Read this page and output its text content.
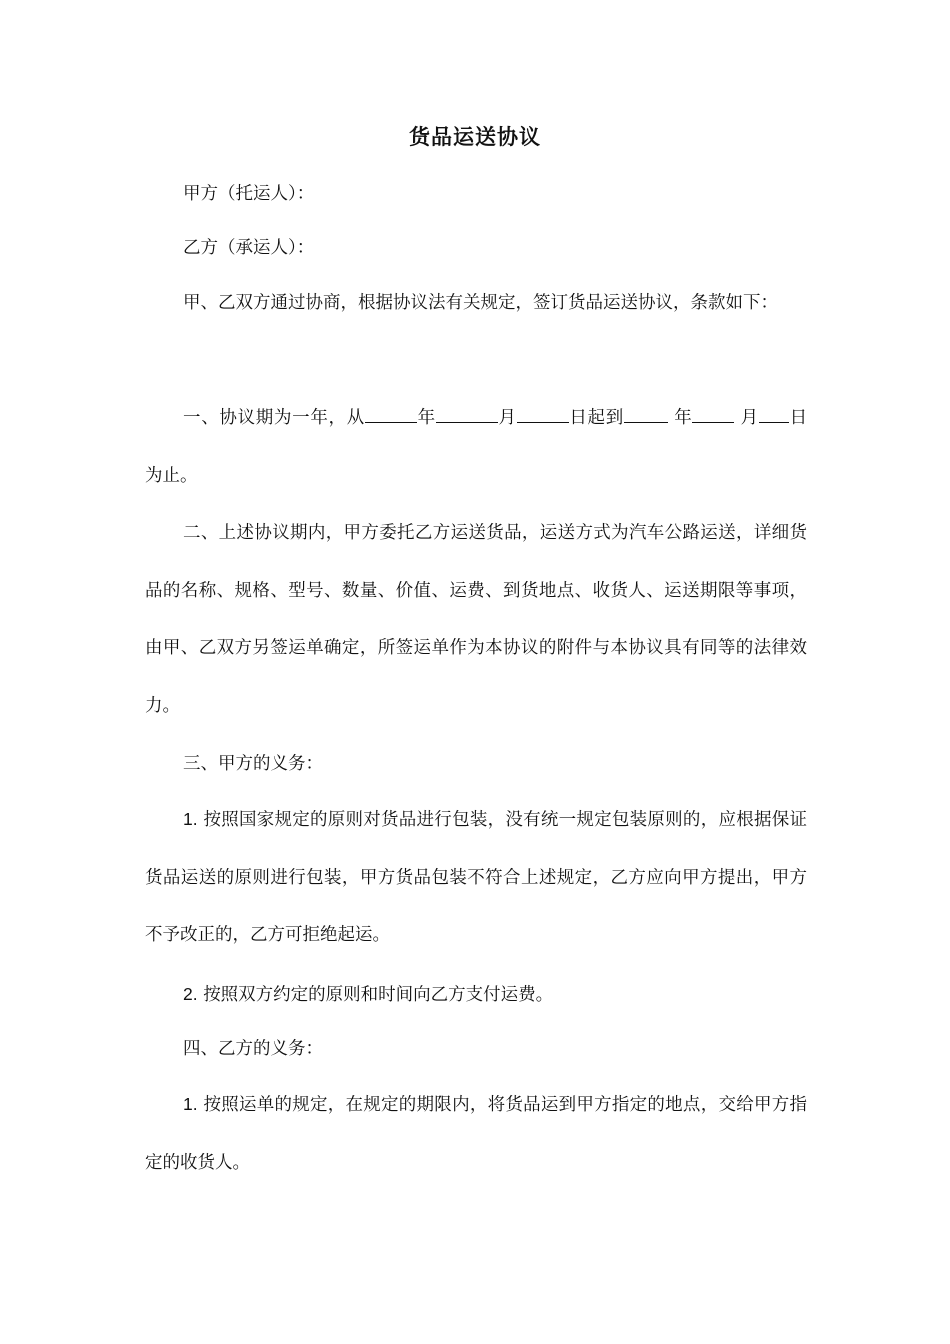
货品运送协议

甲方（托运人）：

乙方（承运人）：

甲、乙双方通过协商，根据协议法有关规定，签订货品运送协议，条款如下：

一、协议期为一年，从	年	月	日起到	年	月 日为止。

二、上述协议期内，甲方委托乙方运送货品，运送方式为汽车公路运送，详细货品的名称、规格、型号、数量、价值、运费、到货地点、收货人、运送期限等事项，由甲、乙双方另签运单确定，所签运单作为本协议的附件与本协议具有同等的法律效力。

三、甲方的义务：

1. 按照国家规定的原则对货品进行包装，没有统一规定包装原则的，应根据保证货品运送的原则进行包装，甲方货品包装不符合上述规定，乙方应向甲方提出，甲方不予改正的，乙方可拒绝起运。

2. 按照双方约定的原则和时间向乙方支付运费。

四、乙方的义务：

1. 按照运单的规定，在规定的期限内，将货品运到甲方指定的地点，交给甲方指定的收货人。
